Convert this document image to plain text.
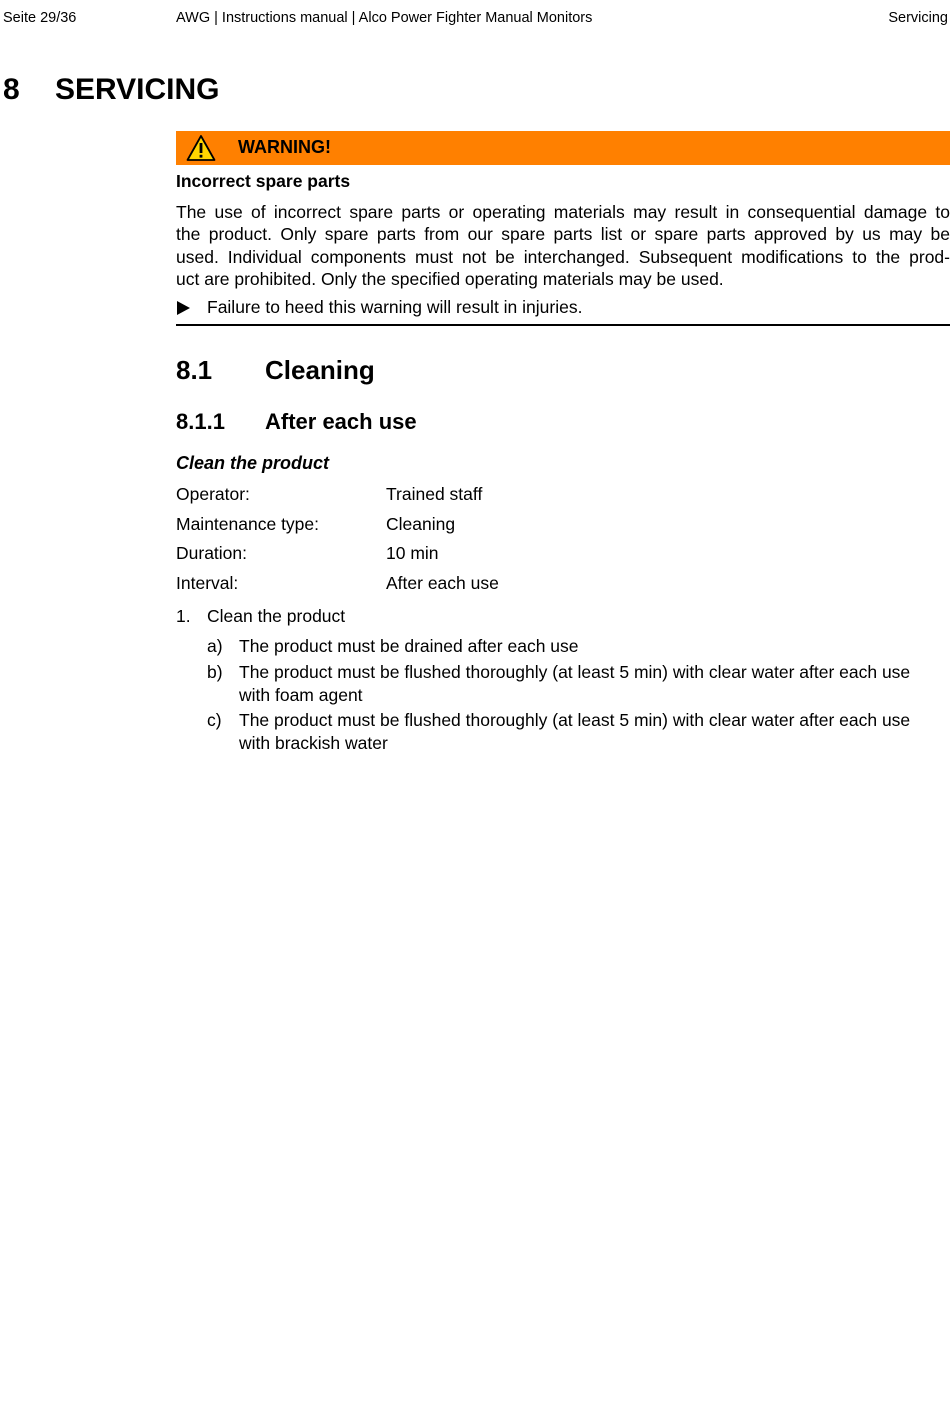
Seite 29/36	AWG | Instructions manual | Alco Power Fighter Manual Monitors	Servicing
8 SERVICING
WARNING!
Incorrect spare parts
The use of incorrect spare parts or operating materials may result in consequential damage to
the product. Only spare parts from our spare parts list or spare parts approved by us may be
used. Individual components must not be interchanged. Subsequent modifications to the prod-
uct are prohibited. Only the specified operating materials may be used.
Failure to heed this warning will result in injuries.
8.1 Cleaning
8.1.1 After each use
Clean the product
Operator:	Trained staff
Maintenance type:	Cleaning
Duration:	10 min
Interval:	After each use
1. Clean the product
a) The product must be drained after each use
b) The product must be flushed thoroughly (at least 5 min) with clear water after each use
with foam agent
c) The product must be flushed thoroughly (at least 5 min) with clear water after each use
with brackish water
